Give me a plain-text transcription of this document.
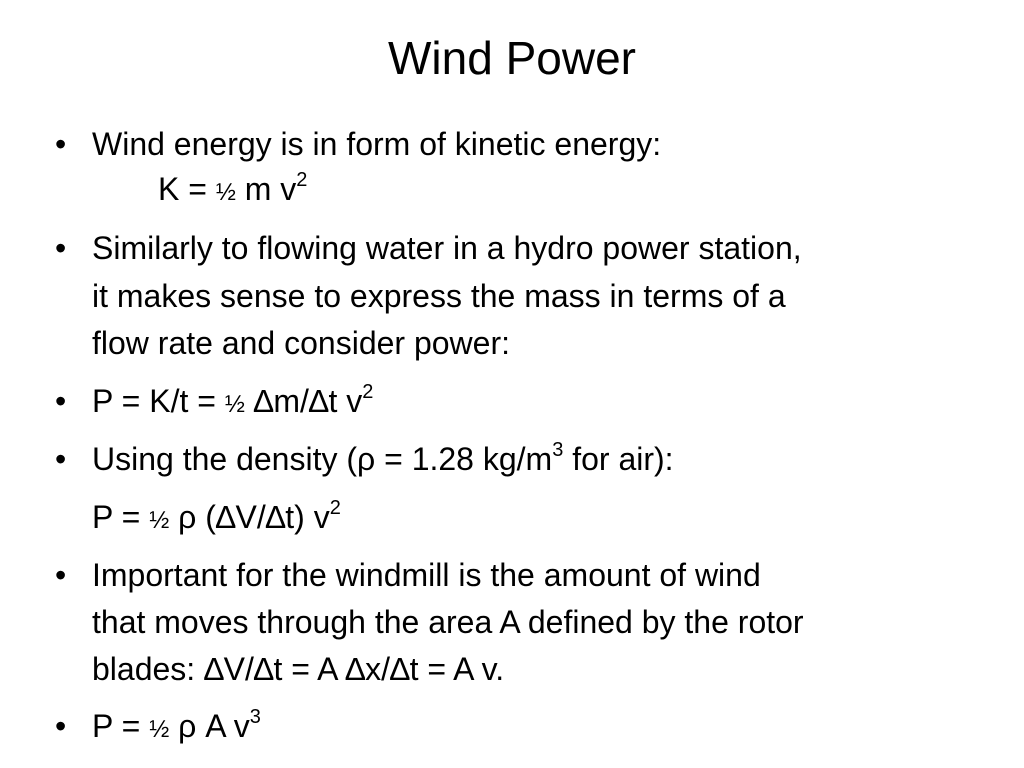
Wind Power
• Wind energy is in form of kinetic energy:
K = ½ m $v^2$
• Similarly to flowing water in a hydro power station,
it makes sense to express the mass in terms of a
flow rate and consider power:
• P = K/t = ½ ∆m/∆t $v^2$
• Using the density (ρ = 1.28 $kg/m^3$ for air):
P = ½ ρ (∆V/∆t) $v^2$
• Important for the windmill is the amount of wind
that moves through the area A defined by the rotor
blades: ∆V/∆t = A ∆x/∆t = A v.
• P = ½ ρ A $v^3$
